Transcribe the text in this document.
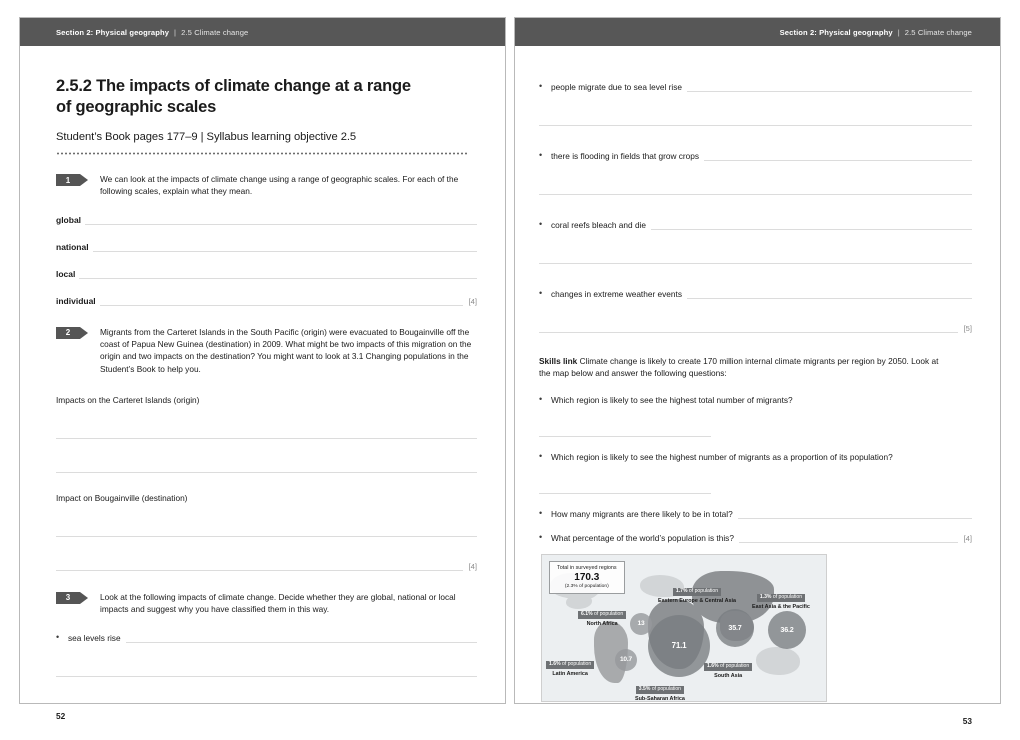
Section 2: Physical geography | 2.5 Climate change
2.5.2 The impacts of climate change at a range of geographic scales
Student’s Book pages 177–9 | Syllabus learning objective 2.5
1	We can look at the impacts of climate change using a range of geographic scales. For each of the following scales, explain what they mean.
global
national
local
individual	[4]
2	Migrants from the Carteret Islands in the South Pacific (origin) were evacuated to Bougainville off the coast of Papua New Guinea (destination) in 2009. What might be two impacts of this migration on the origin and two impacts on the destination? You might want to look at 3.1 Changing populations in the Student’s Book to help you.
Impacts on the Carteret Islands (origin)
Impact on Bougainville (destination)
[4]
3	Look at the following impacts of climate change. Decide whether they are global, national or local impacts and suggest why you have classified them in this way.
•	sea levels rise
52
Section 2: Physical geography | 2.5 Climate change
•	people migrate due to sea level rise
•	there is flooding in fields that grow crops
•	coral reefs bleach and die
•	changes in extreme weather events
[5]
Skills link Climate change is likely to create 170 million internal climate migrants per region by 2050. Look at the map below and answer the following questions:
•	Which region is likely to see the highest total number of migrants?
•	Which region is likely to see the highest number of migrants as a proportion of its population?
•	How many migrants are there likely to be in total?
•	What percentage of the world’s population is this?	[4]
Total in surveyed regions
170.3
(2.3% of population)
13
10.7
71.1
35.7	36.2
1.7% of population
Eastern Europe & Central Asia
6.1% of population
North Africa
1.3% of population
East Asia & the Pacific
1.6% of population
Latin America
1.6% of population
South Asia
3.5% of population
Sub-Saharan Africa
53
